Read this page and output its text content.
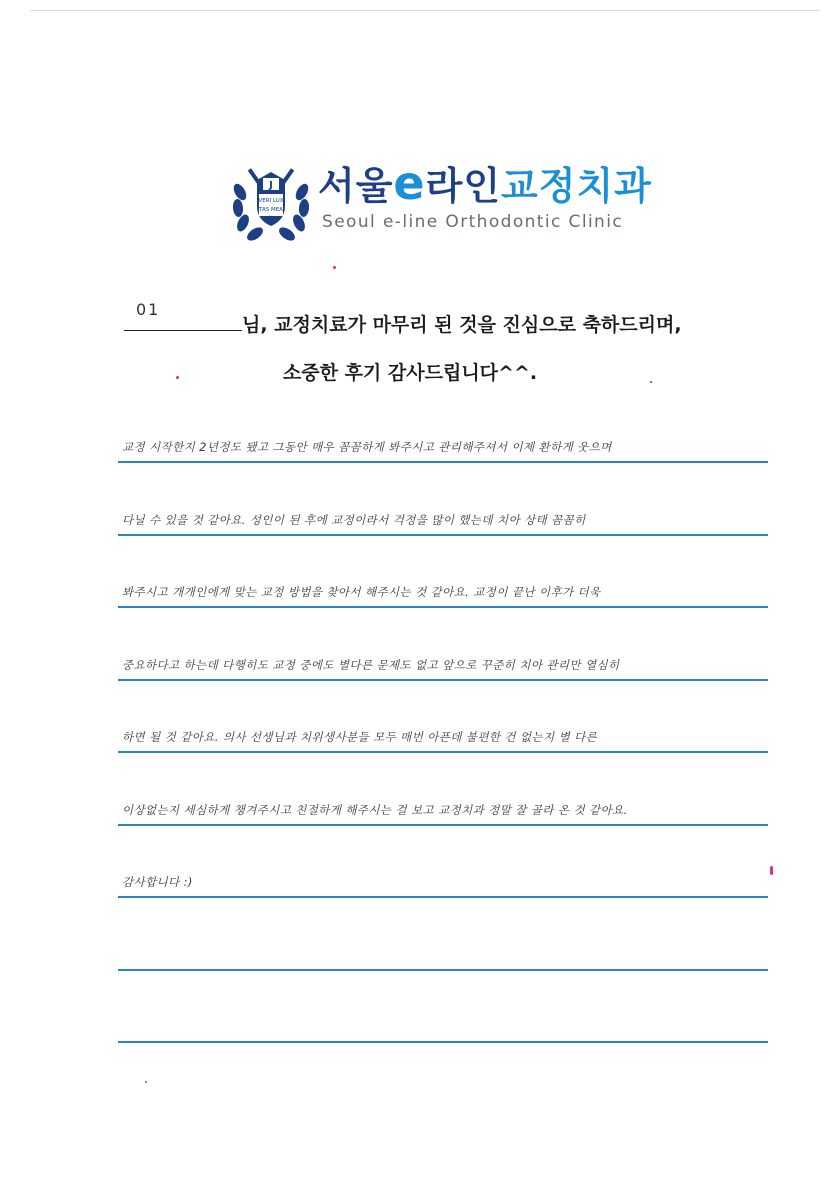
J
VERI LUX
TAS MEA
서울e라인교정치과
Seoul e-line Orthodontic Clinic
01
님, 교정치료가 마무리 된 것을 진심으로 축하드리며,
소중한 후기 감사드립니다^^.
교정 시작한지 2년정도 됐고 그동안 매우 꼼꼼하게 봐주시고 관리해주셔서 이제 환하게 웃으며
다닐 수 있을 것 같아요. 성인이 된 후에 교정이라서 걱정을 많이 했는데 치아 상태 꼼꼼히
봐주시고 개개인에게 맞는 교정 방법을 찾아서 해주시는 것 같아요. 교정이 끝난 이후가 더욱
중요하다고 하는데 다행히도 교정 중에도 별다른 문제도 없고 앞으로 꾸준히 치아 관리만 열심히
하면 될 것 같아요. 의사 선생님과 치위생사분들 모두 매번 아픈데 불편한 건 없는지 별 다른
이상없는지 세심하게 챙겨주시고 친절하게 해주시는 걸 보고 교정치과 정말 잘 골라 온 것 같아요.
감사합니다 :)
